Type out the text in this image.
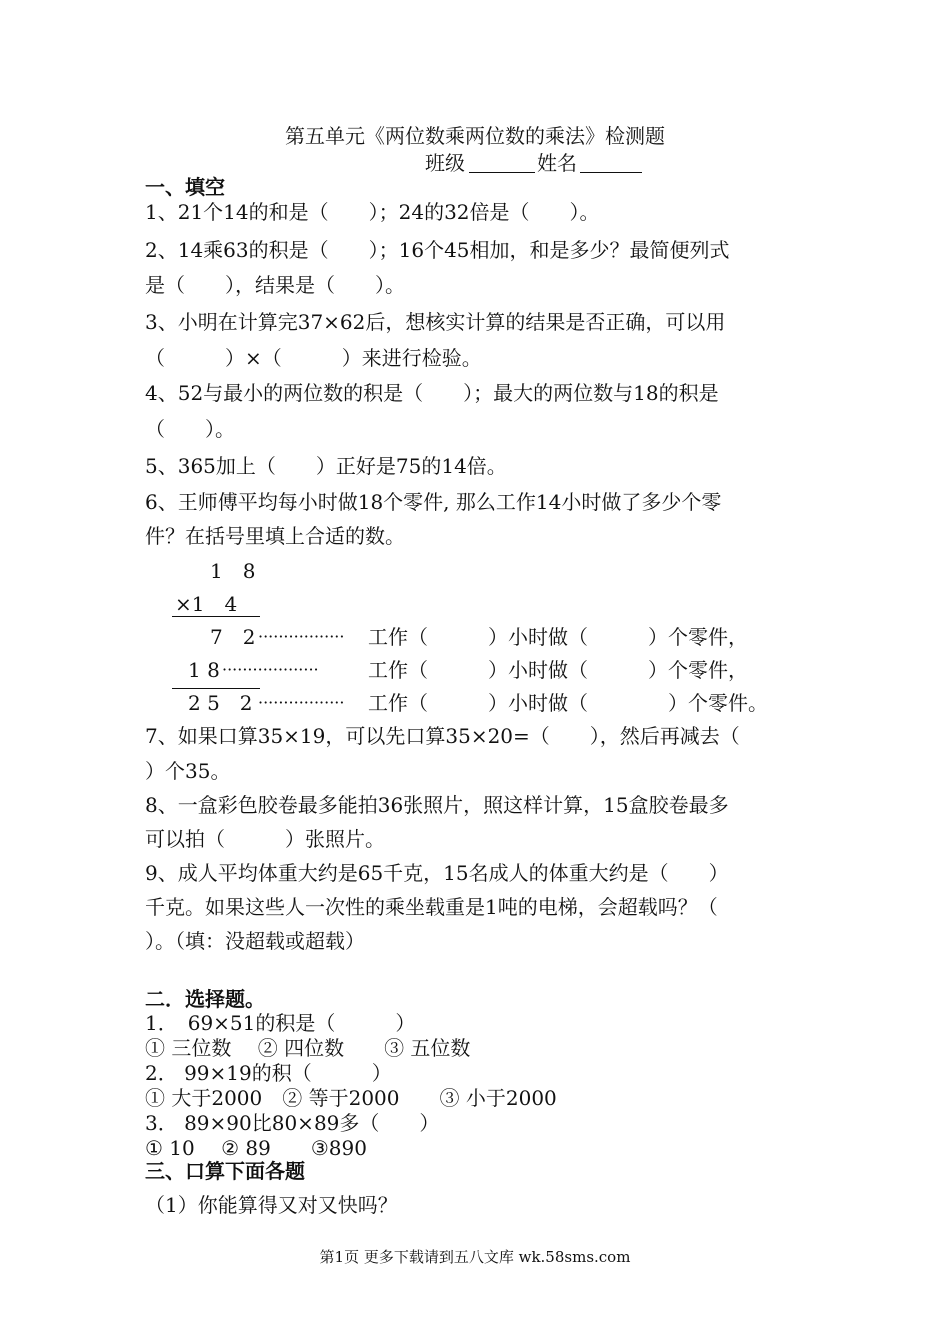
第五单元《两位数乘两位数的乘法》检测题
班级	姓名
一、填空
1、21个14的和是（　　）；24的32倍是（　　）。
2、14乘63的积是（　　）；16个45相加，和是多少？最简便列式
是（　　），结果是（　　）。
3、小明在计算完37×62后，想核实计算的结果是否正确，可以用
（　　　）×（　　　）来进行检验。
4、52与最小的两位数的积是（　　）；最大的两位数与18的积是
（　　）。
5、365加上（　　）正好是75的14倍。
6、王师傅平均每小时做18个零件, 那么工作14小时做了多少个零
件？在括号里填上合适的数。
1　8
×1　4
7　2 ················· 工作（　　　）小时做（　　　）个零件，
1 8 ··················· 工作（　　　）小时做（　　　）个零件，
2 5　2 ················· 工作（　　　）小时做（　　　　）个零件。
7、如果口算35×19，可以先口算35×20=（　　），然后再减去（
）个35。
8、一盒彩色胶卷最多能拍36张照片，照这样计算，15盒胶卷最多
可以拍（　　　）张照片。
9、成人平均体重大约是65千克，15名成人的体重大约是（　　）
千克。如果这些人一次性的乘坐载重是1吨的电梯，会超载吗？（
）。（填：没超载或超载）
二．选择题。
1．　69×51的积是（　　　）
① 三位数　 ② 四位数　　③ 五位数
2． 99×19的积（　　　）
① 大于2000　② 等于2000　　③ 小于2000
3． 89×90比80×89多（　　）
① 10　 ② 89　　③890
三、口算下面各题
（1）你能算得又对又快吗？
第1页 更多下载请到五八文库 wk.58sms.com
